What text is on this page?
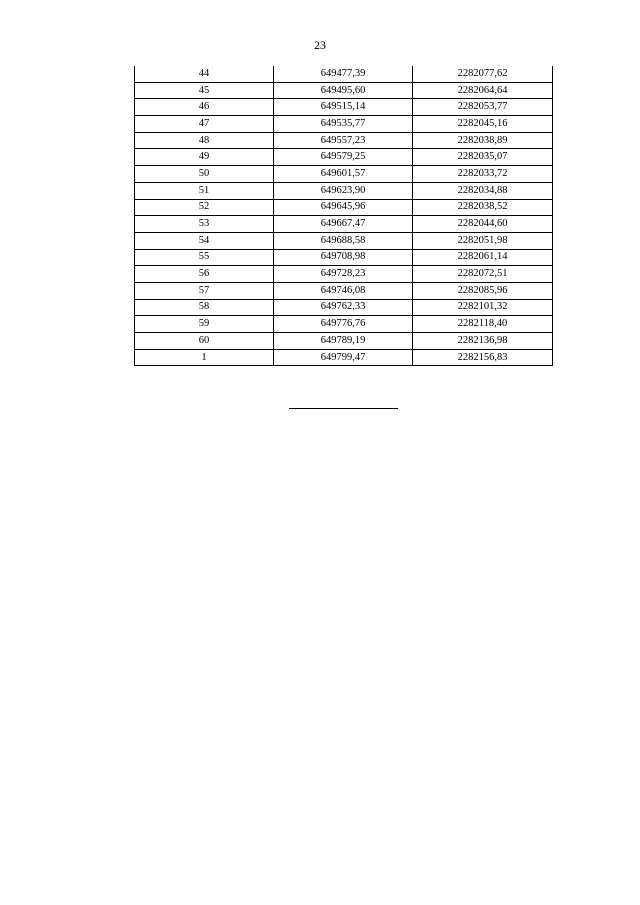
23
44	649477,39	2282077,62
45	649495,60	2282064,64
46	649515,14	2282053,77
47	649535,77	2282045,16
48	649557,23	2282038,89
49	649579,25	2282035,07
50	649601,57	2282033,72
51	649623,90	2282034,88
52	649645,96	2282038,52
53	649667,47	2282044,60
54	649688,58	2282051,98
55	649708,98	2282061,14
56	649728,23	2282072,51
57	649746,08	2282085,96
58	649762,33	2282101,32
59	649776,76	2282118,40
60	649789,19	2282136,98
1	649799,47	2282156,83
